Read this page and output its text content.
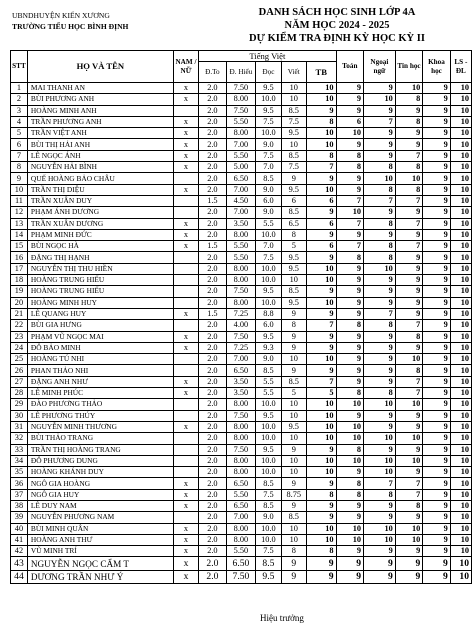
UBNDHUYỆN KIẾN XƯƠNG
TRƯỜNG TIỂU HỌC BÌNH ĐỊNH
DANH SÁCH HỌC SINH LỚP 4A
NĂM HỌC 2024 - 2025
DỰ KIỂM TRA ĐỊNH KỲ HỌC KỲ II
STT	HỌ VÀ TÊN	NAM / NỮ	Tiếng Việt					Toán	Ngoại ngữ	Tin học	Khoa học	LS - ĐL
			Đ.To	Đ. Hiểu	Đọc	Viết	TB					
1	MAI THANH AN	x	2.0	7.50	9.5	10	10	9	9	10	9	10
2	BÙI PHƯƠNG ANH	x	2.0	8.00	10.0	10	10	9	10	8	9	10
3	HOÀNG MINH ANH		2.0	7.50	9.5	8.5	9	9	9	9	9	10
4	TRẦN PHƯƠNG ANH	x	2.0	5.50	7.5	7.5	8	6	7	8	9	10
5	TRẦN VIỆT ANH	x	2.0	8.00	10.0	9.5	10	10	9	9	9	10
6	BÙI THỊ HẢI ANH	x	2.0	7.00	9.0	10	10	9	9	9	9	10
7	LÊ NGỌC ÁNH	x	2.0	5.50	7.5	8.5	8	8	9	7	9	10
8	NGUYỄN HẢI BÌNH	x	2.0	5.00	7.0	7.5	7	8	8	8	9	10
9	QUẾ HOÀNG BẢO CHÂU		2.0	6.50	8.5	9	9	9	10	10	9	10
10	TRẦN THỊ DIỆU	x	2.0	7.00	9.0	9.5	10	9	8	8	9	10
11	TRẦN XUÂN DUY		1.5	4.50	6.0	6	6	7	7	7	9	10
12	PHẠM ÁNH DƯƠNG		2.0	7.00	9.0	8.5	9	10	9	9	9	10
13	TRẦN XUÂN DƯƠNG	x	2.0	3.50	5.5	6.5	6	7	8	7	9	10
14	PHẠM MINH ĐỨC	x	2.0	8.00	10.0	8	9	9	9	9	9	10
15	BÙI NGỌC HÀ	x	1.5	5.50	7.0	5	6	7	8	7	9	10
16	ĐẶNG THỊ HẠNH		2.0	5.50	7.5	9.5	9	8	8	9	9	10
17	NGUYỄN THỊ THU HIỀN		2.0	8.00	10.0	9.5	10	9	10	9	9	10
18	HOÀNG TRUNG HIẾU		2.0	8.00	10.0	10	10	9	9	9	9	10
19	HOÀNG TRUNG HIẾU		2.0	7.50	9.5	8.5	9	9	9	9	9	10
20	HOÀNG MINH HUY		2.0	8.00	10.0	9.5	10	9	9	9	9	10
21	LÊ QUANG HUY	x	1.5	7.25	8.8	9	9	9	7	9	9	10
22	BÙI GIA HƯNG		2.0	4.00	6.0	8	7	8	8	7	9	10
23	PHẠM VŨ NGỌC MAI	x	2.0	7.50	9.5	9	9	9	9	8	9	10
24	ĐỖ BẢO MINH	x	2.0	7.25	9.3	9	9	9	9	9	9	10
25	HOÀNG TÚ NHI		2.0	7.00	9.0	10	10	9	9	10	9	10
26	PHAN THẢO NHI		2.0	6.50	8.5	9	9	9	9	8	9	10
27	ĐẶNG ANH NHƯ	x	2.0	3.50	5.5	8.5	7	9	9	7	9	10
28	LÊ MINH PHÚC	x	2.0	3.50	5.5	5	5	8	8	7	9	10
29	ĐÀO PHƯƠNG THẢO		2.0	8.00	10.0	10	10	10	10	10	9	10
30	LÊ PHƯƠNG THÚY		2.0	7.50	9.5	10	10	9	9	9	9	10
31	NGUYỄN MINH THƯƠNG	x	2.0	8.00	10.0	9.5	10	10	9	9	9	10
32	BÙI THẢO TRANG		2.0	8.00	10.0	10	10	10	10	10	9	10
33	TRẦN THỊ HOÀNG TRANG		2.0	7.50	9.5	9	9	8	9	9	9	10
34	ĐỖ PHƯƠNG DUNG		2.0	8.00	10.0	10	10	10	10	10	9	10
35	HOÀNG KHÁNH DUY		2.0	8.00	10.0	10	10	9	10	9	9	10
36	NGÔ GIA HOÀNG	x	2.0	6.50	8.5	9	9	8	7	7	9	10
37	NGÔ GIA HUY	x	2.0	5.50	7.5	8.75	8	8	8	7	9	10
38	LÊ DUY NAM	x	2.0	6.50	8.5	9	9	9	9	8	9	10
39	NGUYỄN PHƯƠNG NAM		2.0	7.00	9.0	8.5	9	9	9	9	9	10
40	BÙI MINH QUÂN	x	2.0	8.00	10.0	10	10	10	10	10	9	10
41	HOÀNG ANH THƯ	x	2.0	8.00	10.0	10	10	10	10	10	9	10
42	VŨ MINH TRÍ	x	2.0	5.50	7.5	8	8	9	9	9	9	10
43	NGUYỄN NGỌC CẨM T	x	2.0	6.50	8.5	9	9	9	9	9	9	10
44	DƯƠNG TRẦN NHƯ Ý	x	2.0	7.50	9.5	9	9	9	9	9	9	10
Hiệu trưởng
